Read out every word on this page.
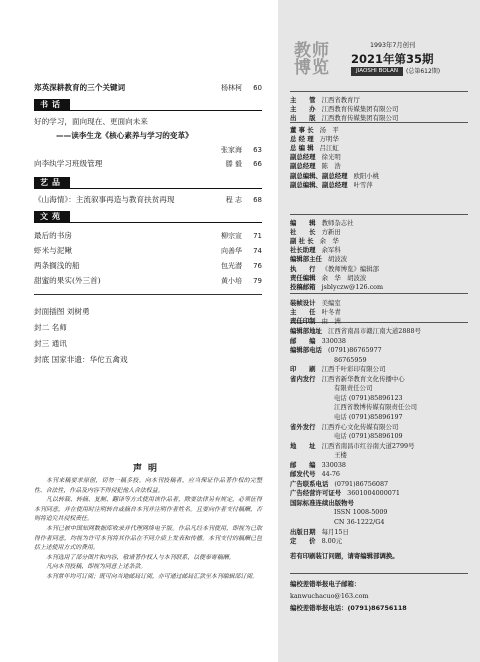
郑英深耕教育的三个关键词	杨林柯 60
书话
好的学习，面向现在、更面向未来
——读李生龙《核心素养与学习的变革》
张家海 63
向李纨学习班级管理	滕 毅 66
艺品
《山海情》：主流叙事再造与教育扶贫再现	程 志 68
文苑
最后的书房	柳宗宣 71
虾米与泥鳅	向善华 74
两条搁浅的船	包光潜 76
甜蜜的果实(外三首)	黄小培 79
封面插图 刘树勇
封二 名师
封三 通讯
封底 国家非遗：华佗五禽戏
声明

本刊来稿要求原创，切勿一稿多投。向本刊投稿者，应当保证作品著作权的完整性、合法性，作品及内容不得侵犯他人合法权益。

凡以转载、转摘、复制、翻译等方式使用该作品者，除要法律另有规定，必须征得本刊同意，并在使用时注明转自或摘自本刊并注明作者姓名。且要向作者支付稿酬，否则将追究其侵权责任。

本刊已被中国知网数据库收录并代理网络电子版。作品凡经本刊使用，即视为已取得作者同意，均视为许可本刊将其作品在不同介质上发表和传播。本刊支付的稿酬已包括上述使用方式的费用。

本刊选用了部分图片和内容，敬请著作权人与本刊联系，以便奉寄稿酬。

凡向本刊投稿，即视为同意上述条款。

本刊常年均可订阅；既可向当地邮局订阅，亦可通过邮局汇款至本刊编辑部订阅。

教师
博览
1993年7月创刊
2021年第35期
JIAOSHI BOLAN	(总第612期)
主　　管 江西省教育厅
主　　办 江西教育传媒集团有限公司
出　　版 江西教育传媒集团有限公司
董 事 长 汤　平
总 经 理 万明华
总 编 辑 吕江虹
副总经理 徐光明
副总经理 陈　浩
副总编辑、副总经理 欧阳小桃
副总编辑、副总经理 叶雪萍
编　　辑 教师杂志社
社　　长 方新田
副 社 长 余　华
社长助理 余军科
编辑部主任 胡波波
执　　行 《教师博览》编辑部
责任编辑 余　华　胡波波
投稿邮箱 jsblyczw@126.com
装帧设计 美编室
主　　任 叶冬青
责任印制 由　洲
编辑部地址 江西省南昌市赣江南大道2888号
邮　　编 330038
编辑部电话 (0791)86765977
86765959
印　　刷 江西千叶彩印有限公司
省内发行 江西省新华教育文化传播中心
有限责任公司
电话 (0791)85896123
江西省教博传媒有限责任公司
电话 (0791)85896197
省外发行 江西乔心文化传媒有限公司
电话 (0791)85896109
地　　址 江西省南昌市红谷南大道2799号
王楼
邮　　编 330038
邮发代号 44-76
广告联系电话 (0791)86756087
广告经营许可证号 3601004000071
国际标准连续出版物号
ISSN 1008-5009
CN 36-1222/G4
出版日期 每月15日
定　　价 8.00元
若有印刷装订问题，请寄编辑部调换。
编校差错举报电子邮箱：
kanwuchacuo@163.com
编校差错举报电话：(0791)86756118
